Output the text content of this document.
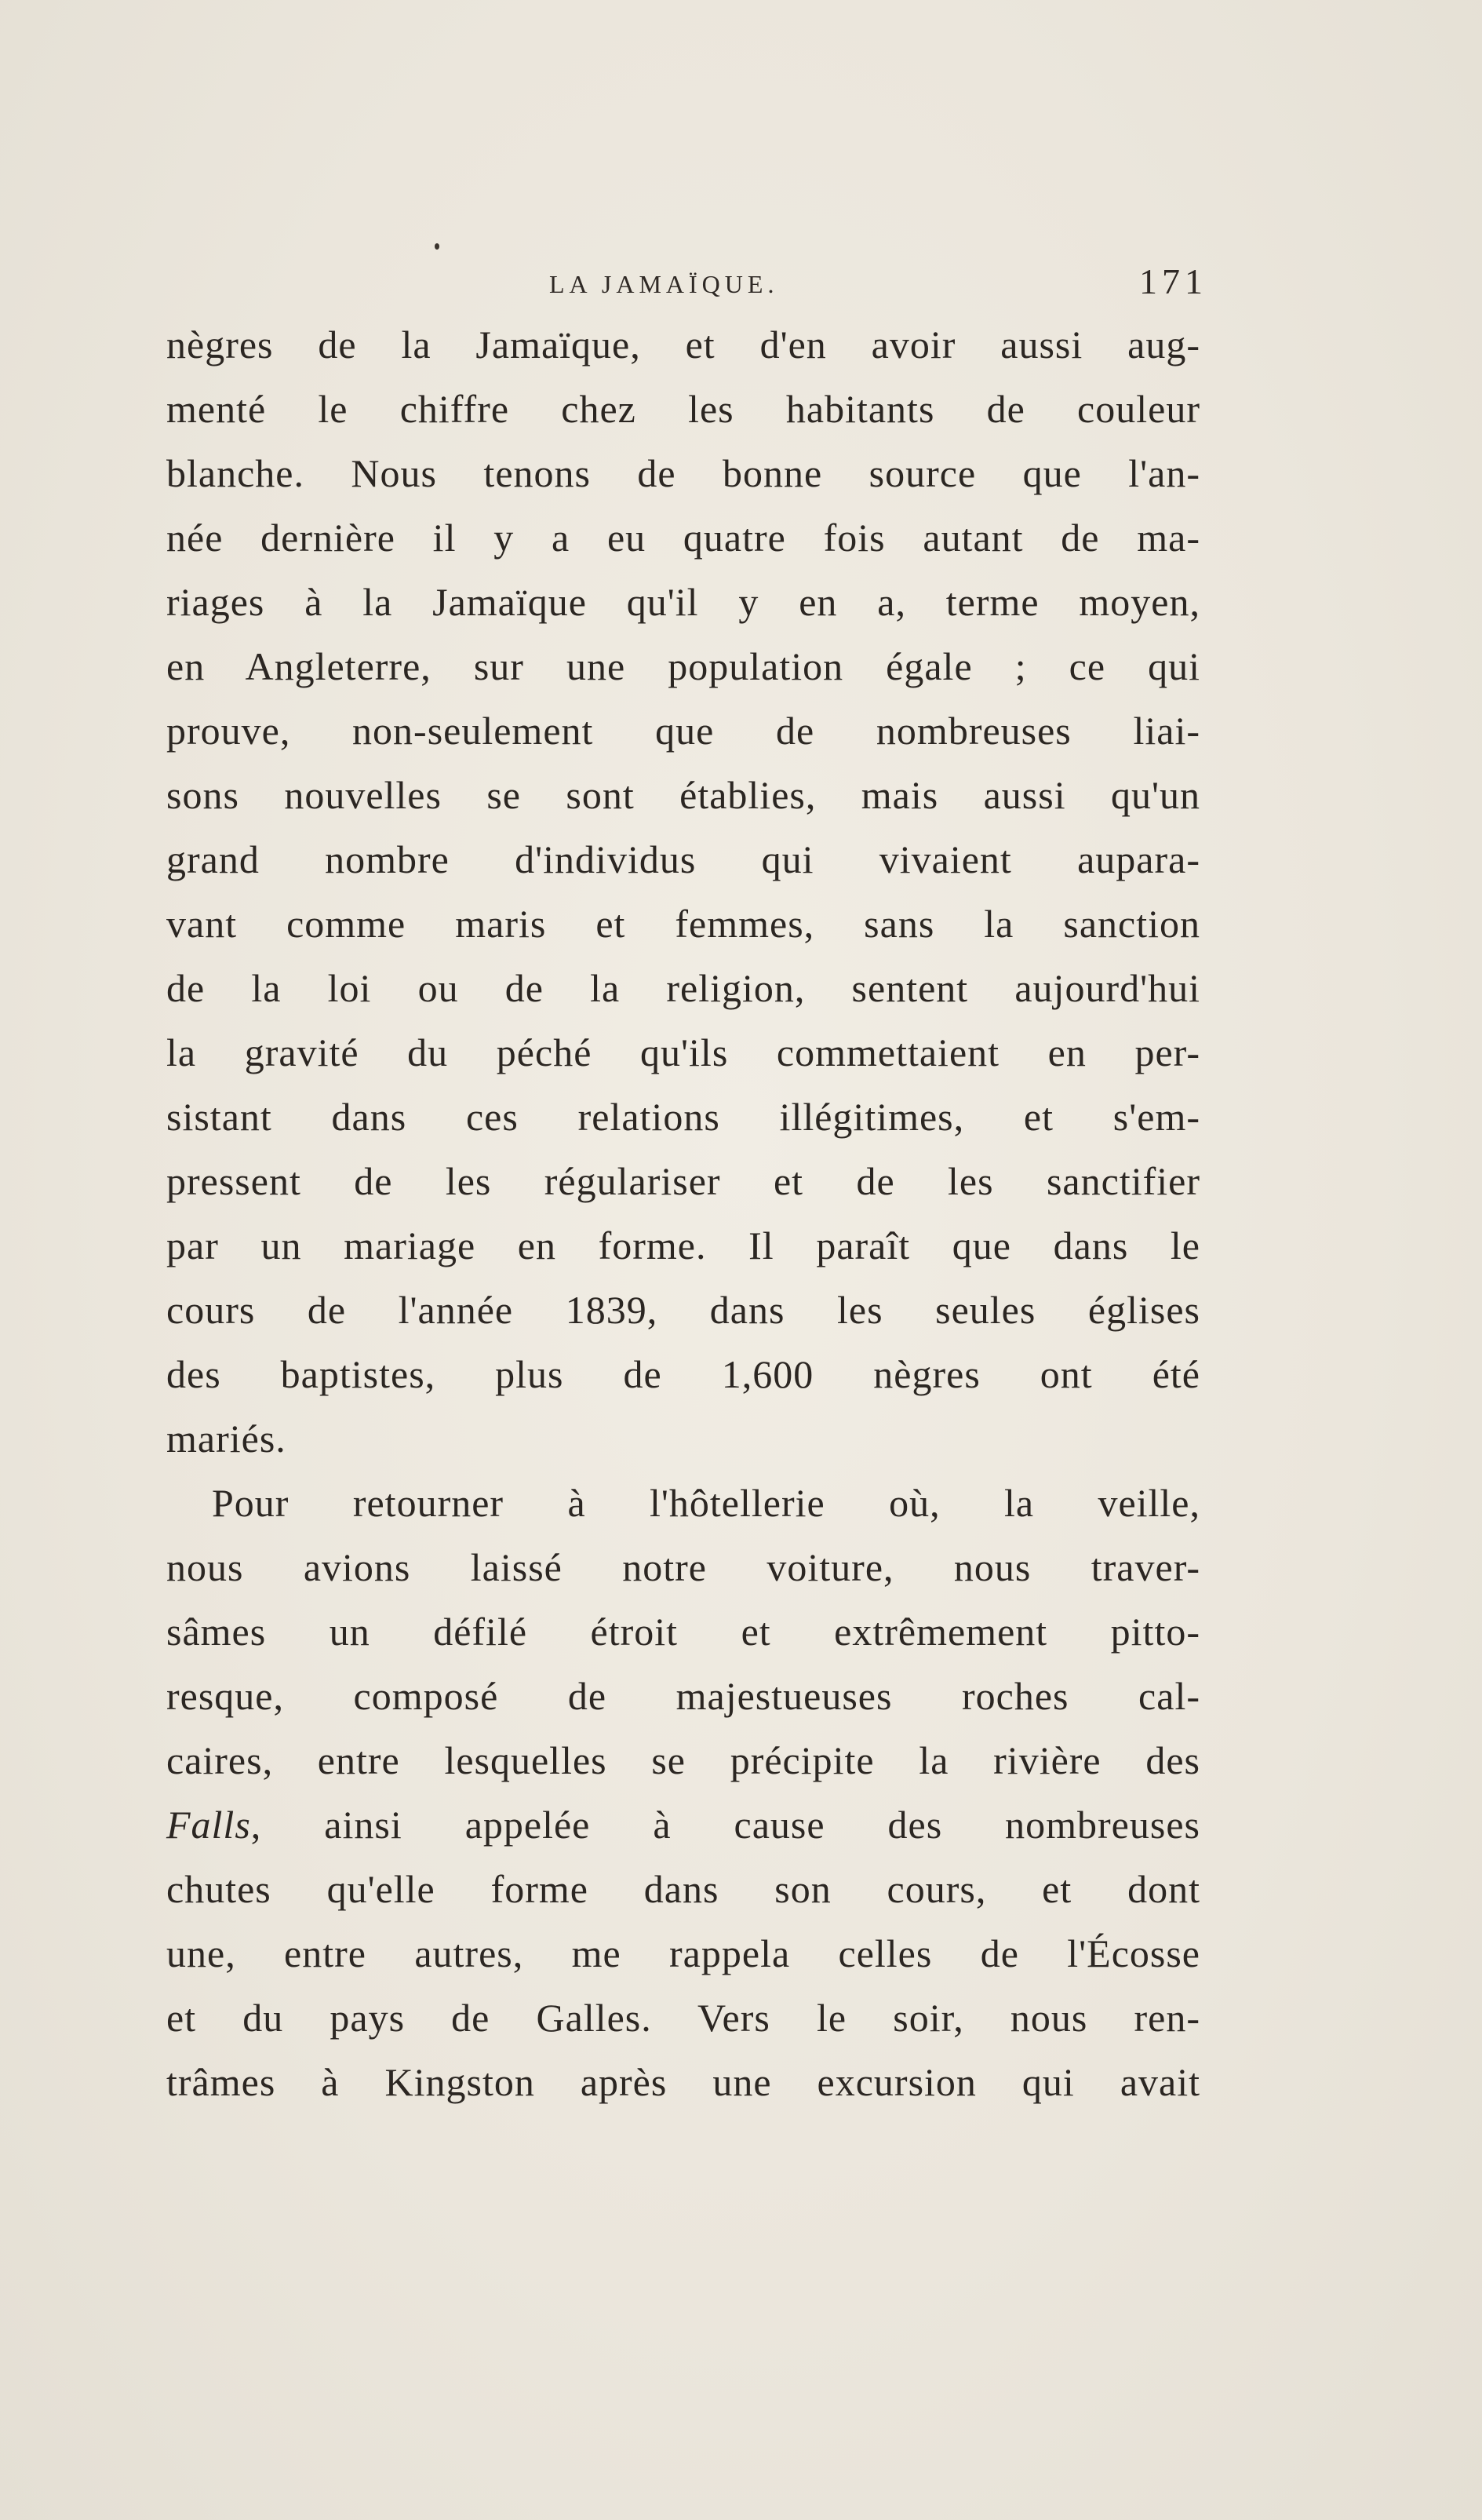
LA JAMAÏQUE.	171
nègres de la Jamaïque, et d'en avoir aussi aug-
menté le chiffre chez les habitants de couleur
blanche. Nous tenons de bonne source que l'an-
née dernière il y a eu quatre fois autant de ma-
riages à la Jamaïque qu'il y en a, terme moyen,
en Angleterre, sur une population égale ; ce qui
prouve, non-seulement que de nombreuses liai-
sons nouvelles se sont établies, mais aussi qu'un
grand nombre d'individus qui vivaient aupara-
vant comme maris et femmes, sans la sanction
de la loi ou de la religion, sentent aujourd'hui
la gravité du péché qu'ils commettaient en per-
sistant dans ces relations illégitimes, et s'em-
pressent de les régulariser et de les sanctifier
par un mariage en forme. Il paraît que dans le
cours de l'année 1839, dans les seules églises
des baptistes, plus de 1,600 nègres ont été
mariés.
Pour retourner à l'hôtellerie où, la veille,
nous avions laissé notre voiture, nous traver-
sâmes un défilé étroit et extrêmement pitto-
resque, composé de majestueuses roches cal-
caires, entre lesquelles se précipite la rivière des
Falls, ainsi appelée à cause des nombreuses
chutes qu'elle forme dans son cours, et dont
une, entre autres, me rappela celles de l'Écosse
et du pays de Galles. Vers le soir, nous ren-
trâmes à Kingston après une excursion qui avait
